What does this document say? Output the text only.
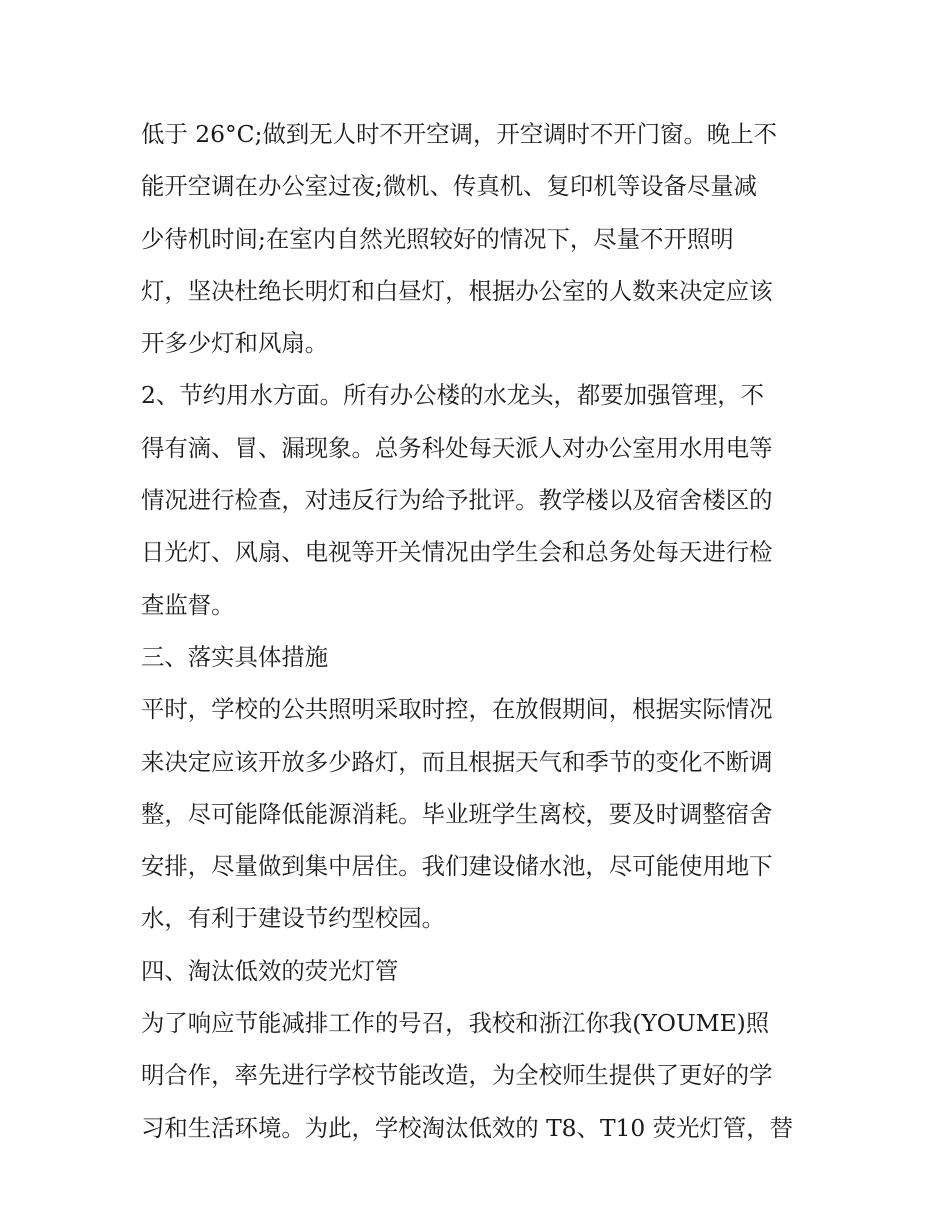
低于 26°C;做到无人时不开空调，开空调时不开门窗。晚上不
能开空调在办公室过夜;微机、传真机、复印机等设备尽量减
少待机时间;在室内自然光照较好的情况下，尽量不开照明
灯，坚决杜绝长明灯和白昼灯，根据办公室的人数来决定应该
开多少灯和风扇。
2、节约用水方面。所有办公楼的水龙头，都要加强管理，不
得有滴、冒、漏现象。总务科处每天派人对办公室用水用电等
情况进行检查，对违反行为给予批评。教学楼以及宿舍楼区的
日光灯、风扇、电视等开关情况由学生会和总务处每天进行检
查监督。
三、落实具体措施
平时，学校的公共照明采取时控，在放假期间，根据实际情况
来决定应该开放多少路灯，而且根据天气和季节的变化不断调
整，尽可能降低能源消耗。毕业班学生离校，要及时调整宿舍
安排，尽量做到集中居住。我们建设储水池，尽可能使用地下
水，有利于建设节约型校园。
四、淘汰低效的荧光灯管
为了响应节能减排工作的号召，我校和浙江你我(YOUME)照
明合作，率先进行学校节能改造，为全校师生提供了更好的学
习和生活环境。为此，学校淘汰低效的 T8、T10 荧光灯管，替
